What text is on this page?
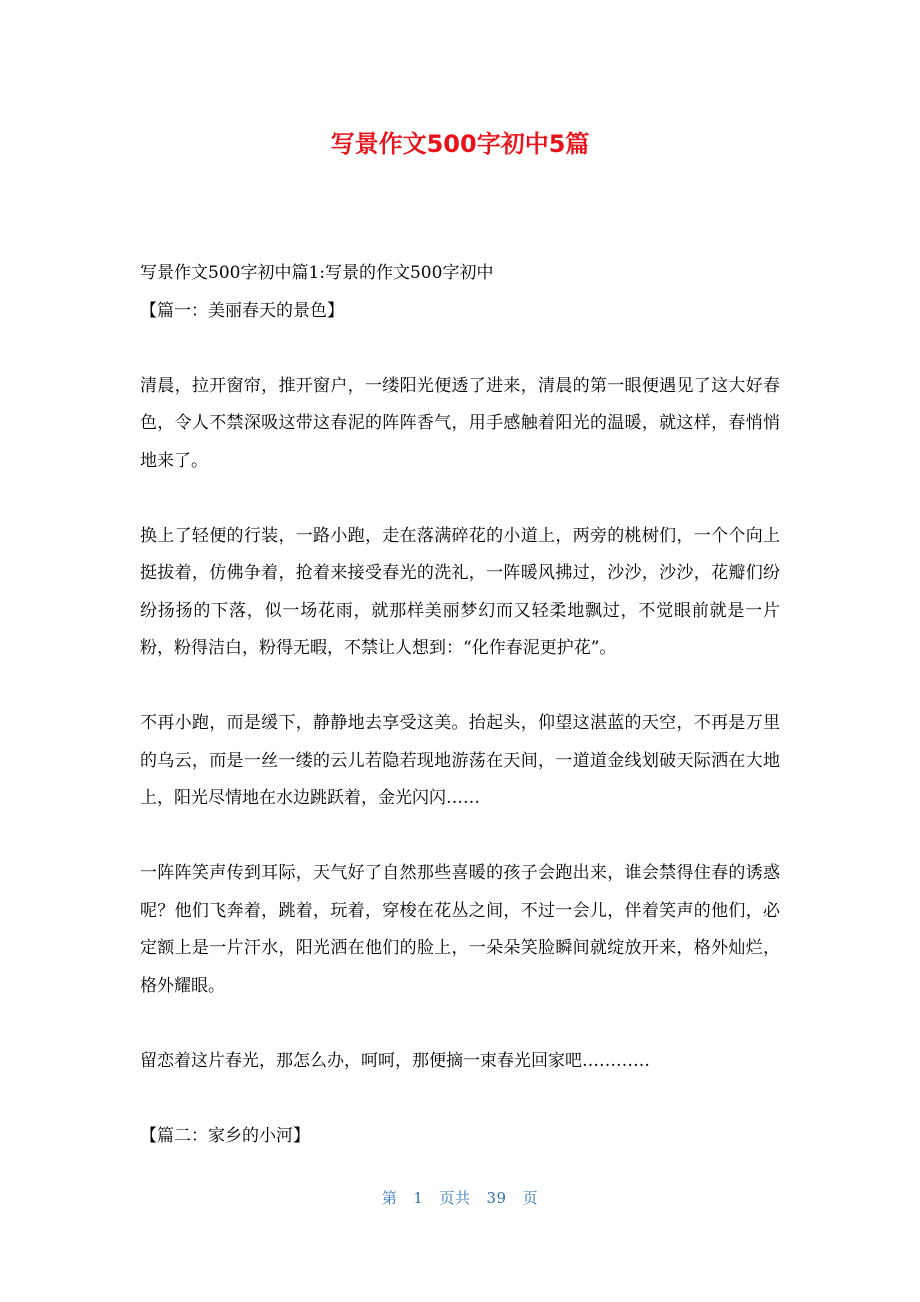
写景作文500字初中5篇

写景作文500字初中篇1:写景的作文500字初中

【篇一：美丽春天的景色】

清晨，拉开窗帘，推开窗户，一缕阳光便透了进来，清晨的第一眼便遇见了这大好春色，令人不禁深吸这带这春泥的阵阵香气，用手感触着阳光的温暖，就这样，春悄悄地来了。

换上了轻便的行装，一路小跑，走在落满碎花的小道上，两旁的桃树们，一个个向上挺拔着，仿佛争着，抢着来接受春光的洗礼，一阵暖风拂过，沙沙，沙沙，花瓣们纷纷扬扬的下落，似一场花雨，就那样美丽梦幻而又轻柔地飘过，不觉眼前就是一片粉，粉得洁白，粉得无暇，不禁让人想到：“化作春泥更护花”。

不再小跑，而是缓下，静静地去享受这美。抬起头，仰望这湛蓝的天空，不再是万里的乌云，而是一丝一缕的云儿若隐若现地游荡在天间，一道道金线划破天际洒在大地上，阳光尽情地在水边跳跃着，金光闪闪……

一阵阵笑声传到耳际，天气好了自然那些喜暖的孩子会跑出来，谁会禁得住春的诱惑呢？他们飞奔着，跳着，玩着，穿梭在花丛之间，不过一会儿，伴着笑声的他们，必定额上是一片汗水，阳光洒在他们的脸上，一朵朵笑脸瞬间就绽放开来，格外灿烂，格外耀眼。

留恋着这片春光，那怎么办，呵呵，那便摘一束春光回家吧…………

【篇二：家乡的小河】

第 1 页共 39 页
